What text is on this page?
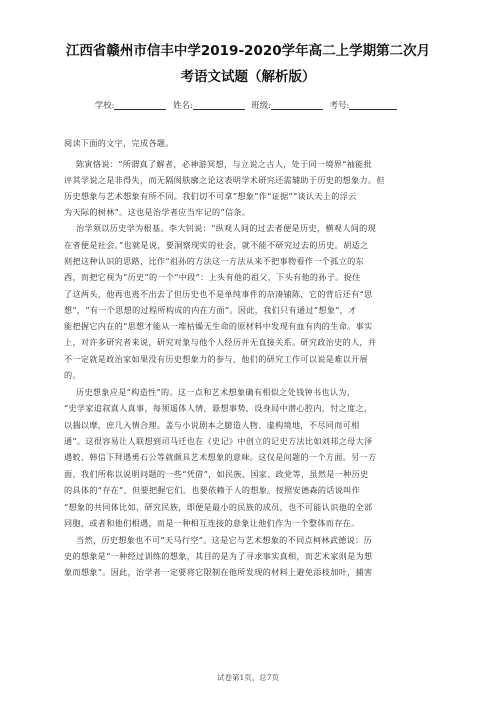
江西省赣州市信丰中学2019-2020学年高二上学期第二次月
考语文试题（解析版）
学校:	姓名:	班级:	考号:
阅读下面的文字，完成各题。
陈寅恪说：“所谓真了解者，必神游冥想，与立说之古人，处于同一境界“袖能批
评其学说之是非得失，而无隔阂肤廓之论这表明学术研究还需辅助于历史的想象力。但
历史想象与艺术想象有所不同。我们切不可拿“想象”作“证据”“谈认天上的浮云
为天际的树林”。这也是治学者应当牢记的“信条。
治学须以历史学为根基。李大钊说：“纵观人间的过去者便是历史，横观人间的现
在者便是社会。”也就是说，要洞察现实的社会，就不能不研究过去的历史。胡适之
则把这种认识的思路，比作“祖孙的方法这一方法从来不把事物看作一个孤立的东
西，而把它视为“历史”的一个“中段”：上头有他的祖父，下头有他的孙子。捉住
了这两头，他再也逃不出去了但历史也不是单纯事件的杂凑铺陈，它的背后还有“思
想”，“有一个思想的过程所构成的内在方面”。因此，我们只有通过“想象”，才
能把握它内在的“思想才能从一堆枯燥无生命的原材料中发现有血有肉的生命。事实
上，对许多研究者来说，研究对象与他个人经历并无直接关系。研究政治史的人，并
不一定就是政治家如果没有历史想象力的参与，他们的研究工作可以说是难以开展
的。
历史想象应是“构造性”的。这一点和艺术想象确有相似之处钱钟书也认为，
“史学家追叙真人真事，每须遥体人情，悬想事势，设身局中潜心腔内，忖之度之，
以揣以摩，庶几入情合理。盖与小说剧本之臆造人物、虚构境地，不尽同而可相
通”。这很容易让人联想到司马迁也在《史记》中创立的记史方法比如刘邦之母大泽
遇蛟、韩信下拜遇勇石公等就颇具艺术想象的意味。这仅是问题的一个方面。另一方
面，我们所称以说明问题的一些“凭借”，如民族、国家、政党等，虽然是一种历史
的具体的“存在”，但要把握它们，也要依赖于人的想象。按照安德森的话说叫作
“想象的共同体比如，研究民族，即便是最小的民族的成员，也不可能认识他的全部
同胞，或者和他们相遇，而是一种相互连接的意象让他们作为一个整体而存在。
当然，历史想象也不可“天马行空”。这是它与艺术想象的不同点柯林武德说：历
史的想象是“一种经过训练的想象，其目的是为了寻求事实真相，而艺术家则是为想
象而想象”。因此，治学者一定要将它限制在他所发现的材料上避免添枝加叶，捕害
试卷第1页，总7页
